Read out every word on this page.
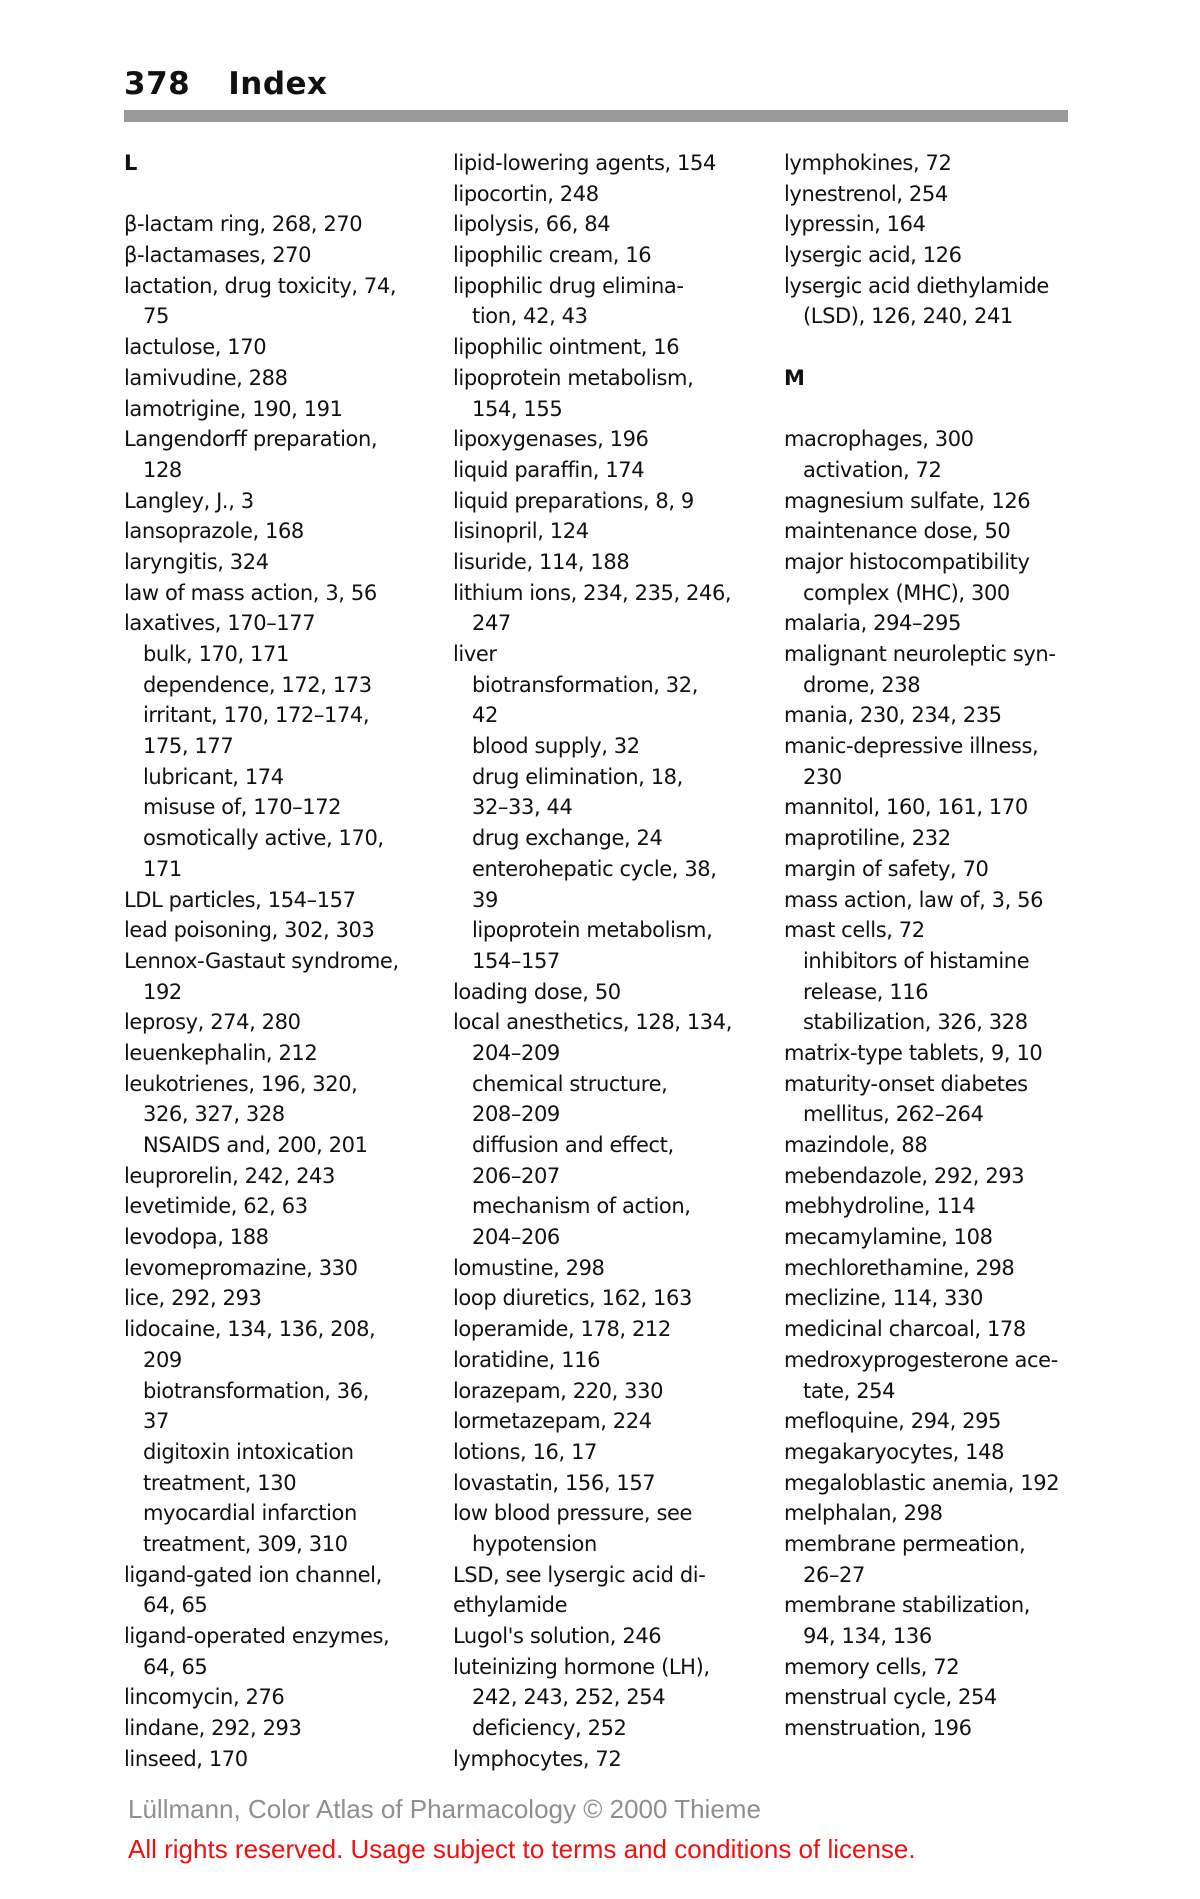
378 Index
L
β-lactam ring, 268, 270
β-lactamases, 270
lactation, drug toxicity, 74,
75
lactulose, 170
lamivudine, 288
lamotrigine, 190, 191
Langendorff preparation,
128
Langley, J., 3
lansoprazole, 168
laryngitis, 324
law of mass action, 3, 56
laxatives, 170–177
bulk, 170, 171
dependence, 172, 173
irritant, 170, 172–174,
175, 177
lubricant, 174
misuse of, 170–172
osmotically active, 170,
171
LDL particles, 154–157
lead poisoning, 302, 303
Lennox-Gastaut syndrome,
192
leprosy, 274, 280
leuenkephalin, 212
leukotrienes, 196, 320,
326, 327, 328
NSAIDS and, 200, 201
leuprorelin, 242, 243
levetimide, 62, 63
levodopa, 188
levomepromazine, 330
lice, 292, 293
lidocaine, 134, 136, 208,
209
biotransformation, 36,
37
digitoxin intoxication
treatment, 130
myocardial infarction
treatment, 309, 310
ligand-gated ion channel,
64, 65
ligand-operated enzymes,
64, 65
lincomycin, 276
lindane, 292, 293
linseed, 170
lipid-lowering agents, 154
lipocortin, 248
lipolysis, 66, 84
lipophilic cream, 16
lipophilic drug elimina-
tion, 42, 43
lipophilic ointment, 16
lipoprotein metabolism,
154, 155
lipoxygenases, 196
liquid paraffin, 174
liquid preparations, 8, 9
lisinopril, 124
lisuride, 114, 188
lithium ions, 234, 235, 246,
247
liver
biotransformation, 32,
42
blood supply, 32
drug elimination, 18,
32–33, 44
drug exchange, 24
enterohepatic cycle, 38,
39
lipoprotein metabolism,
154–157
loading dose, 50
local anesthetics, 128, 134,
204–209
chemical structure,
208–209
diffusion and effect,
206–207
mechanism of action,
204–206
lomustine, 298
loop diuretics, 162, 163
loperamide, 178, 212
loratidine, 116
lorazepam, 220, 330
lormetazepam, 224
lotions, 16, 17
lovastatin, 156, 157
low blood pressure, see
hypotension
LSD, see lysergic acid di-
ethylamide
Lugol's solution, 246
luteinizing hormone (LH),
242, 243, 252, 254
deficiency, 252
lymphocytes, 72
lymphokines, 72
lynestrenol, 254
lypressin, 164
lysergic acid, 126
lysergic acid diethylamide
(LSD), 126, 240, 241
M
macrophages, 300
activation, 72
magnesium sulfate, 126
maintenance dose, 50
major histocompatibility
complex (MHC), 300
malaria, 294–295
malignant neuroleptic syn-
drome, 238
mania, 230, 234, 235
manic-depressive illness,
230
mannitol, 160, 161, 170
maprotiline, 232
margin of safety, 70
mass action, law of, 3, 56
mast cells, 72
inhibitors of histamine
release, 116
stabilization, 326, 328
matrix-type tablets, 9, 10
maturity-onset diabetes
mellitus, 262–264
mazindole, 88
mebendazole, 292, 293
mebhydroline, 114
mecamylamine, 108
mechlorethamine, 298
meclizine, 114, 330
medicinal charcoal, 178
medroxyprogesterone ace-
tate, 254
mefloquine, 294, 295
megakaryocytes, 148
megaloblastic anemia, 192
melphalan, 298
membrane permeation,
26–27
membrane stabilization,
94, 134, 136
memory cells, 72
menstrual cycle, 254
menstruation, 196
Lüllmann, Color Atlas of Pharmacology © 2000 Thieme
All rights reserved. Usage subject to terms and conditions of license.
